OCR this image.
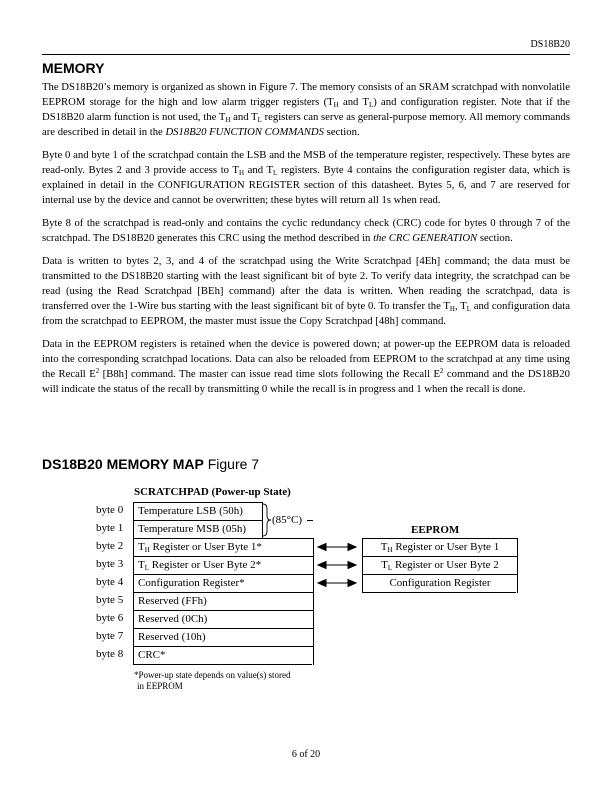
DS18B20
MEMORY

The DS18B20’s memory is organized as shown in Figure 7. The memory consists of an SRAM scratchpad with nonvolatile EEPROM storage for the high and low alarm trigger registers ($T_H$ and $T_L$) and configuration register. Note that if the DS18B20 alarm function is not used, the $T_H$ and $T_L$ registers can serve as general-purpose memory. All memory commands are described in detail in the DS18B20 FUNCTION COMMANDS section.

Byte 0 and byte 1 of the scratchpad contain the LSB and the MSB of the temperature register, respectively. These bytes are read-only. Bytes 2 and 3 provide access to $T_H$ and $T_L$ registers. Byte 4 contains the configuration register data, which is explained in detail in the CONFIGURATION REGISTER section of this datasheet. Bytes 5, 6, and 7 are reserved for internal use by the device and cannot be overwritten; these bytes will return all 1s when read.

Byte 8 of the scratchpad is read-only and contains the cyclic redundancy check (CRC) code for bytes 0 through 7 of the scratchpad. The DS18B20 generates this CRC using the method described in the CRC GENERATION section.

Data is written to bytes 2, 3, and 4 of the scratchpad using the Write Scratchpad [4Eh] command; the data must be transmitted to the DS18B20 starting with the least significant bit of byte 2. To verify data integrity, the scratchpad can be read (using the Read Scratchpad [BEh] command) after the data is written. When reading the scratchpad, data is transferred over the 1-Wire bus starting with the least significant bit of byte 0. To transfer the $T_H$, $T_L$ and configuration data from the scratchpad to EEPROM, the master must issue the Copy Scratchpad [48h] command.

Data in the EEPROM registers is retained when the device is powered down; at power-up the EEPROM data is reloaded into the corresponding scratchpad locations. Data can also be reloaded from EEPROM to the scratchpad at any time using the Recall $E^2$ [B8h] command. The master can issue read time slots following the Recall $E^2$ command and the DS18B20 will indicate the status of the recall by transmitting 0 while the recall is in progress and 1 when the recall is done.

DS18B20 MEMORY MAP Figure 7
SCRATCHPAD (Power-up State)
byte 0
byte 1
byte 2
byte 3
byte 4
byte 5
byte 6
byte 7
byte 8
Temperature LSB (50h)
Temperature MSB (05h)
$T_H$ Register or User Byte 1*
$T_L$ Register or User Byte 2*
Configuration Register*
Reserved (FFh)
Reserved (0Ch)
Reserved (10h)
CRC*
(85°C)
EEPROM
$T_H$ Register or User Byte 1
$T_L$ Register or User Byte 2
Configuration Register
*Power-up state depends on value(s) stored
in EEPROM
6 of 20
